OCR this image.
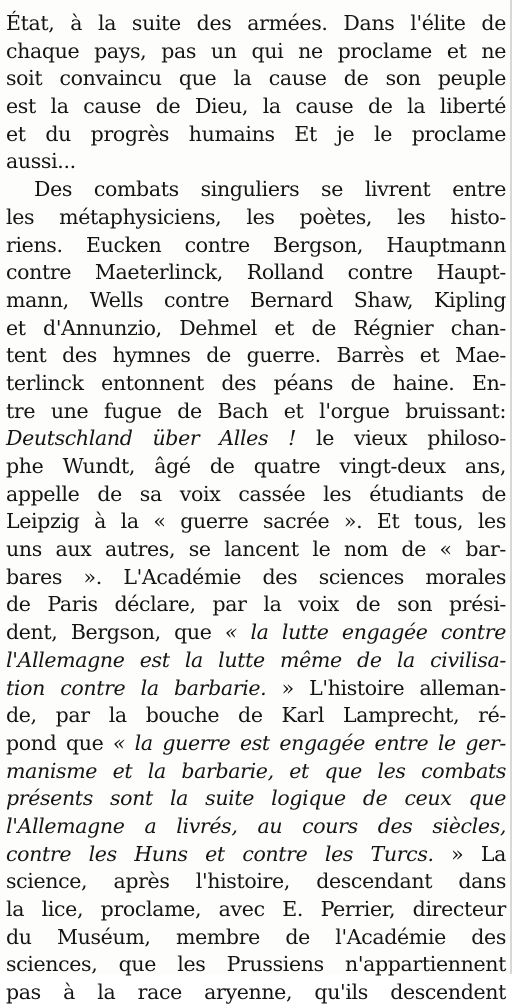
État, à la suite des armées. Dans l'élite de
chaque pays, pas un qui ne proclame et ne
soit convaincu que la cause de son peuple
est la cause de Dieu, la cause de la liberté
et du progrès humains Et je le proclame
aussi...
Des combats singuliers se livrent entre
les métaphysiciens, les poètes, les histo-
riens. Eucken contre Bergson, Hauptmann
contre Maeterlinck, Rolland contre Haupt-
mann, Wells contre Bernard Shaw, Kipling
et d'Annunzio, Dehmel et de Régnier chan-
tent des hymnes de guerre. Barrès et Mae-
terlinck entonnent des péans de haine. En-
tre une fugue de Bach et l'orgue bruissant:
Deutschland über Alles ! le vieux philoso-
phe Wundt, âgé de quatre vingt-deux ans,
appelle de sa voix cassée les étudiants de
Leipzig à la « guerre sacrée ». Et tous, les
uns aux autres, se lancent le nom de « bar-
bares ». L'Académie des sciences morales
de Paris déclare, par la voix de son prési-
dent, Bergson, que « la lutte engagée contre
l'Allemagne est la lutte même de la civilisa-
tion contre la barbarie. » L'histoire alleman-
de, par la bouche de Karl Lamprecht, ré-
pond que « la guerre est engagée entre le ger-
manisme et la barbarie, et que les combats
présents sont la suite logique de ceux que
l'Allemagne a livrés, au cours des siècles,
contre les Huns et contre les Turcs. » La
science, après l'histoire, descendant dans
la lice, proclame, avec E. Perrier, directeur
du Muséum, membre de l'Académie des
sciences, que les Prussiens n'appartiennent
pas à la race aryenne, qu'ils descendent
